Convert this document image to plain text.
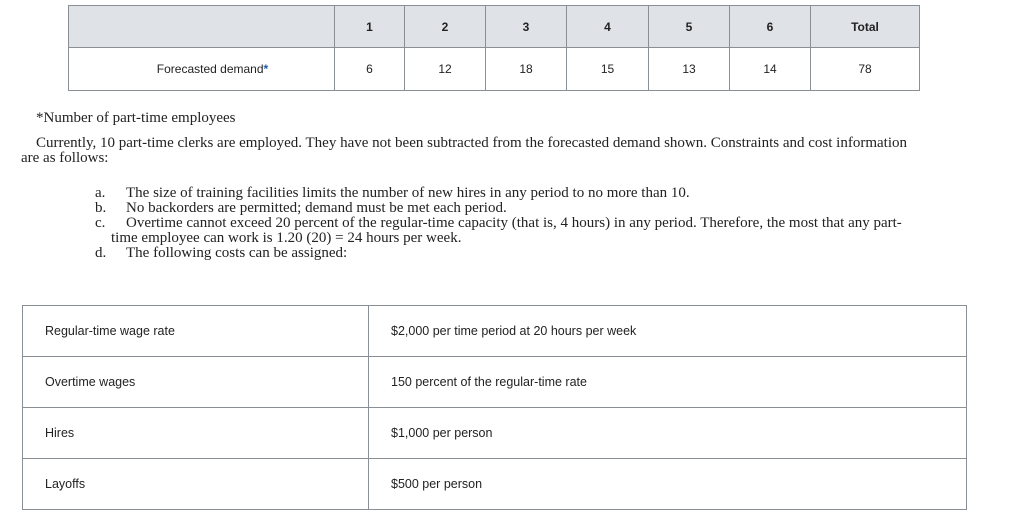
	1	2	3	4	5	6	Total
Forecasted demand*	6	12	18	15	13	14	78
*Number of part-time employees
Currently, 10 part-time clerks are employed. They have not been subtracted from the forecasted demand shown. Constraints and cost information
are as follows:
a.	The size of training facilities limits the number of new hires in any period to no more than 10.
b.	No backorders are permitted; demand must be met each period.
c.	Overtime cannot exceed 20 percent of the regular-time capacity (that is, 4 hours) in any period. Therefore, the most that any part-
time employee can work is 1.20 (20) = 24 hours per week.
d.	The following costs can be assigned:
Regular-time wage rate	$2,000 per time period at 20 hours per week
Overtime wages	150 percent of the regular-time rate
Hires	$1,000 per person
Layoffs	$500 per person
